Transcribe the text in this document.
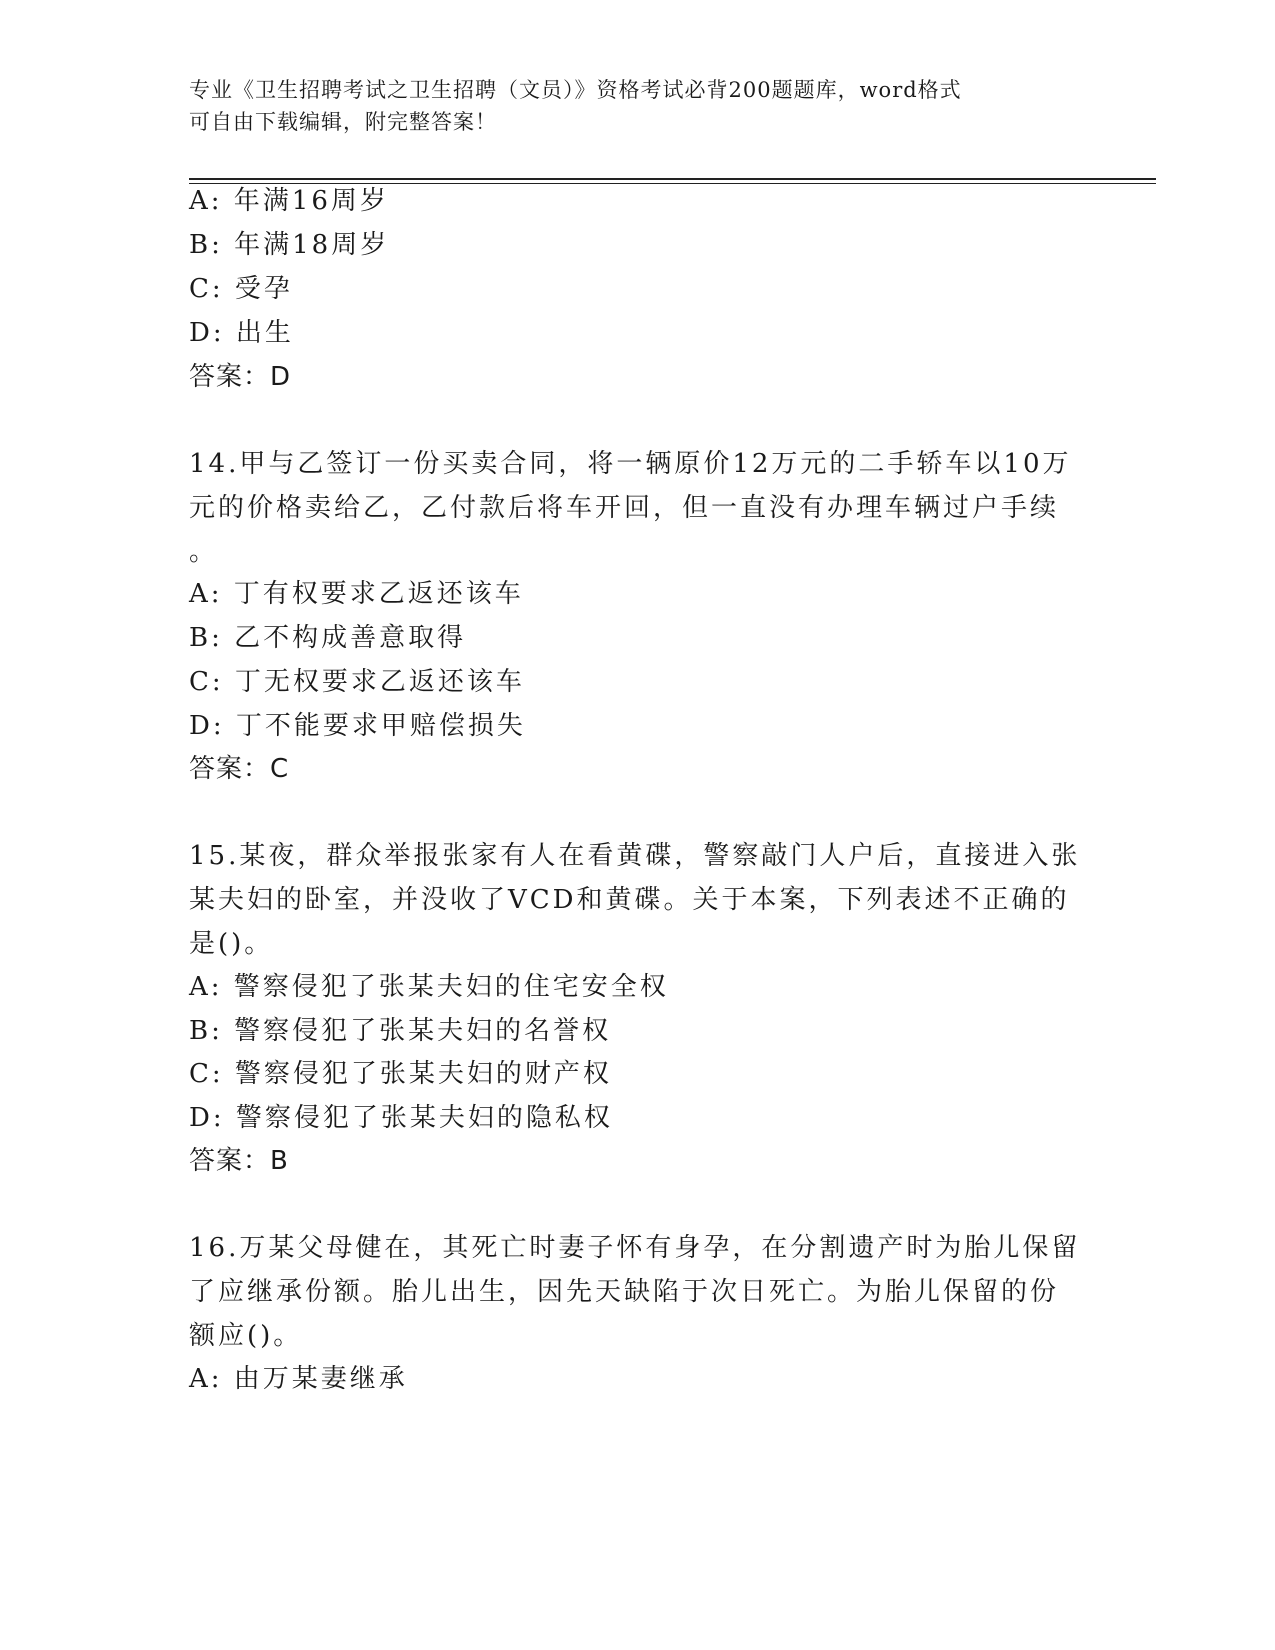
专业《卫生招聘考试之卫生招聘（文员）》资格考试必背200题题库，word格式
可自由下载编辑，附完整答案！
A: 年满16周岁
B: 年满18周岁
C: 受孕
D: 出生
答案：D
14.甲与乙签订一份买卖合同，将一辆原价12万元的二手轿车以10万
元的价格卖给乙，乙付款后将车开回，但一直没有办理车辆过户手续
。
A: 丁有权要求乙返还该车
B: 乙不构成善意取得
C: 丁无权要求乙返还该车
D: 丁不能要求甲赔偿损失
答案：C
15.某夜，群众举报张家有人在看黄碟，警察敲门人户后，直接进入张
某夫妇的卧室，并没收了VCD和黄碟。关于本案，下列表述不正确的
是()。
A: 警察侵犯了张某夫妇的住宅安全权
B: 警察侵犯了张某夫妇的名誉权
C: 警察侵犯了张某夫妇的财产权
D: 警察侵犯了张某夫妇的隐私权
答案：B
16.万某父母健在，其死亡时妻子怀有身孕，在分割遗产时为胎儿保留
了应继承份额。胎儿出生，因先天缺陷于次日死亡。为胎儿保留的份
额应()。
A: 由万某妻继承
